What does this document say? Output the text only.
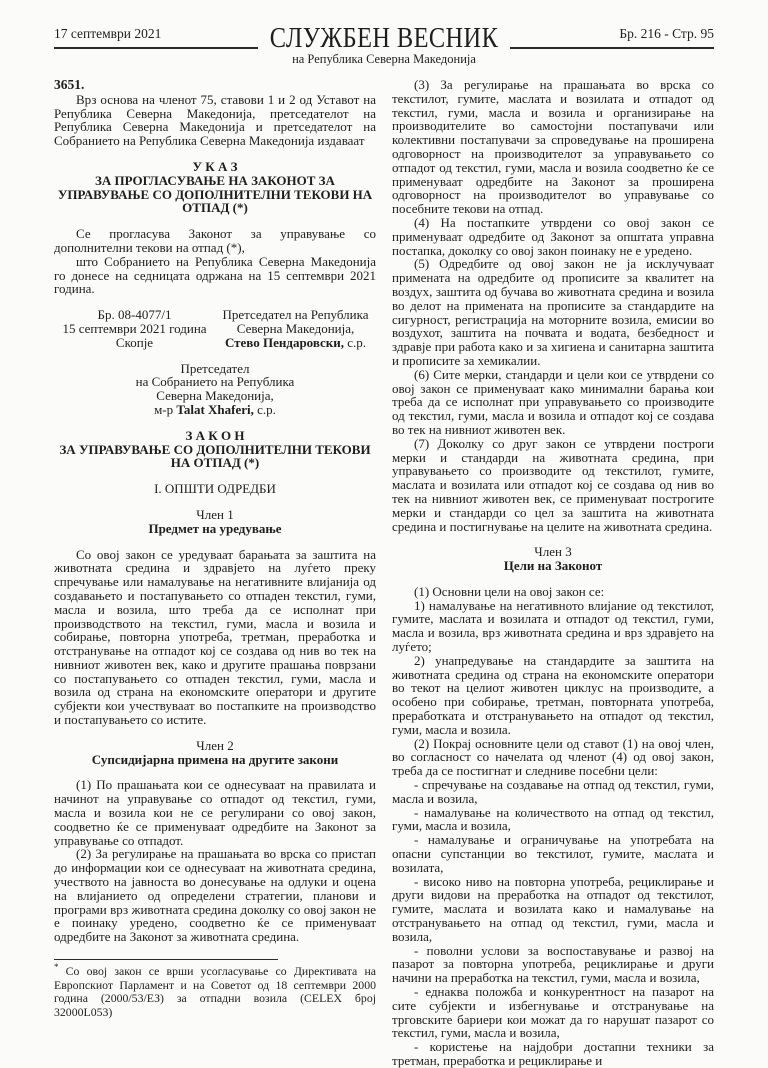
17 септември 2021	СЛУЖБЕН ВЕСНИК	Бр. 216 - Стр. 95
на Република Северна Македонија

3651.

Врз основа на членот 75, ставови 1 и 2 од Уставот на Република Северна Македонија, претседателот на Република Северна Македонија и претседателот на Собранието на Република Северна Македонија издаваат

У К А З
ЗА ПРОГЛАСУВАЊЕ НА ЗАКОНОТ ЗА УПРАВУВАЊЕ СО ДОПОЛНИТЕЛНИ ТЕКОВИ НА ОТПАД (*)

Се прогласува Законот за управување со дополнителни текови на отпад (*),

што Собранието на Република Северна Македонија го донесе на седницата одржана на 15 септември 2021 година.

Бр. 08-4077/1
15 септември 2021 година
Скопје
Претседател на Република
Северна Македонија,
Стево Пендаровски, с.р.
Претседател
на Собранието на Република
Северна Македонија,
м-р Talat Xhaferi, с.р.
З А К О Н
ЗА УПРАВУВАЊЕ СО ДОПОЛНИТЕЛНИ ТЕКОВИ НА ОТПАД (*)
I. ОПШТИ ОДРЕДБИ
Член 1
Предмет на уредување

Со овој закон се уредуваат барањата за заштита на животната средина и здравјето на луѓето преку спречување или намалување на негативните влијанија од создавањето и постапувањето со отпаден текстил, гуми, масла и возила, што треба да се исполнат при производството на текстил, гуми, масла и возила и собирање, повторна употреба, третман, преработка и отстранување на отпадот кој се создава од нив во тек на нивниот животен век, како и другите прашања поврзани со постапувањето со отпаден текстил, гуми, масла и возила од страна на економските оператори и другите субјекти кои учествуваат во постапките на производство и постапувањето со истите.

Член 2
Супсидијарна примена на другите закони

(1) По прашањата кои се однесуваат на правилата и начинот на управување со отпадот од текстил, гуми, масла и возила кои не се регулирани со овој закон, соодветно ќе се применуваат одредбите на Законот за управување со отпадот.

(2) За регулирање на прашањата во врска со пристап до информации кои се однесуваат на животната средина, учеството на јавноста во донесување на одлуки и оцена на влијанието од определени стратегии, планови и програми врз животната средина доколку со овој закон не е поинаку уредено, соодветно ќе се применуваат одредбите на Законот за животната средина.

* Со овој закон се врши усогласување со Директивата на Европскиот Парламент и на Советот од 18 септември 2000 година (2000/53/ЕЗ) за отпадни возила (CELEX број 32000L053)

(3) За регулирање на прашањата во врска со текстилот, гумите, маслата и возилата и отпадот од текстил, гуми, масла и возила и организирање на производителите во самостојни постапувачи или колективни постапувачи за спроведување на проширена одговорност на производителот за управувањето со отпадот од текстил, гуми, масла и возила соодветно ќе се применуваат одредбите на Законот за проширена одговорност на производителот во управување со посебните текови на отпад.

(4) На постапките утврдени со овој закон се применуваат одредбите од Законот за општата управна постапка, доколку со овој закон поинаку не е уредено.

(5) Одредбите од овој закон не ја исклучуваат примената на одредбите од прописите за квалитет на воздух, заштита од бучава во животната средина и возила во делот на примената на прописите за стандардите на сигурност, регистрација на моторните возила, емисии во воздухот, заштита на почвата и водата, безбедност и здравје при работа како и за хигиена и санитарна заштита и прописите за хемикалии.

(6) Сите мерки, стандарди и цели кои се утврдени со овој закон се применуваат како минимални барања кои треба да се исполнат при управувањето со производите од текстил, гуми, масла и возила и отпадот кој се создава во тек на нивниот животен век.

(7) Доколку со друг закон се утврдени построги мерки и стандарди на животната средина, при управувањето со производите од текстилот, гумите, маслата и возилата или отпадот кој се создава од нив во тек на нивниот животен век, се применуваат построгите мерки и стандарди со цел за заштита на животната средина и постигнување на целите на животната средина.

Член 3
Цели на Законот

(1) Основни цели на овој закон се:

1) намалување на негативното влијание од текстилот, гумите, маслата и возилата и отпадот од текстил, гуми, масла и возила, врз животната средина и врз здравјето на луѓето;

2) унапредување на стандардите за заштита на животната средина од страна на економските оператори во текот на целиот животен циклус на производите, а особено при собирање, третман, повторната употреба, преработката и отстранувањето на отпадот од текстил, гуми, масла и возила.

(2) Покрај основните цели од ставот (1) на овој член, во согласност со начелата од членот (4) од овој закон, треба да се постигнат и следниве посебни цели:

- спречување на создавање на отпад од текстил, гуми, масла и возила,

- намалување на количеството на отпад од текстил, гуми, масла и возила,

- намалување и ограничување на употребата на опасни супстанции во текстилот, гумите, маслата и возилата,

- високо ниво на повторна употреба, рециклирање и други видови на преработка на отпадот од текстилот, гумите, маслата и возилата како и намалување на отстранувањето на отпад од текстил, гуми, масла и возила,

- поволни услови за воспоставување и развој на пазарот за повторна употреба, рециклирање и други начини на преработка на текстил, гуми, масла и возила,

- еднаква положба и конкурентност на пазарот на сите субјекти и избегнување и отстранување на трговските бариери кои можат да го нарушат пазарот со текстил, гуми, масла и возила,

- користење на најдобри достапни техники за третман, преработка и рециклирање и
